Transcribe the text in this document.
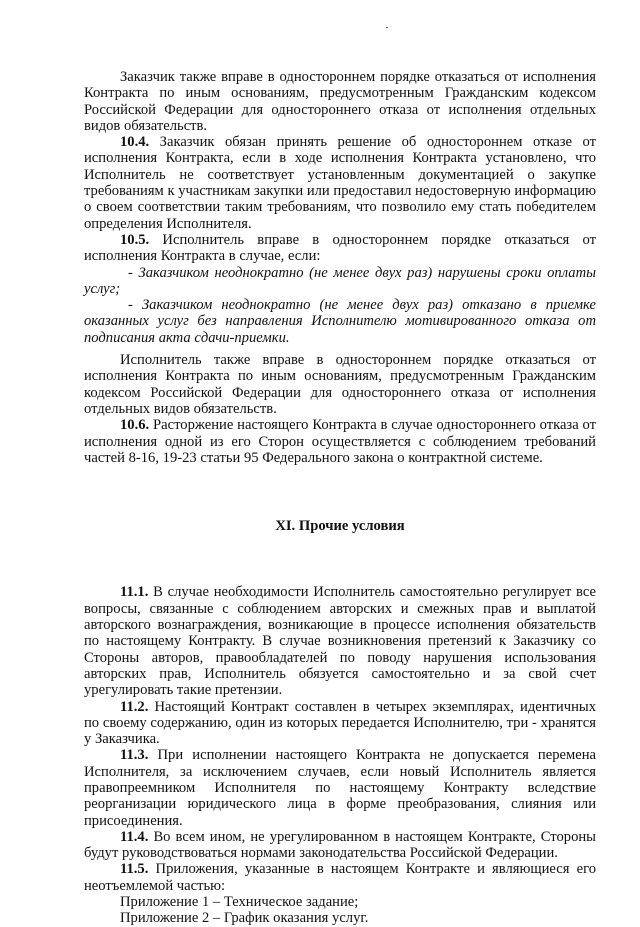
Заказчик также вправе в одностороннем порядке отказаться от исполнения Контракта по иным основаниям, предусмотренным Гражданским кодексом Российской Федерации для одностороннего отказа от исполнения отдельных видов обязательств.

10.4. Заказчик обязан принять решение об одностороннем отказе от исполнения Контракта, если в ходе исполнения Контракта установлено, что Исполнитель не соответствует установленным документацией о закупке требованиям к участникам закупки или предоставил недостоверную информацию о своем соответствии таким требованиям, что позволило ему стать победителем определения Исполнителя.

10.5. Исполнитель вправе в одностороннем порядке отказаться от исполнения Контракта в случае, если:

- Заказчиком неоднократно (не менее двух раз) нарушены сроки оплаты услуг;

- Заказчиком неоднократно (не менее двух раз) отказано в приемке оказанных услуг без направления Исполнителю мотивированного отказа от подписания акта сдачи-приемки.

Исполнитель также вправе в одностороннем порядке отказаться от исполнения Контракта по иным основаниям, предусмотренным Гражданским кодексом Российской Федерации для одностороннего отказа от исполнения отдельных видов обязательств.

10.6. Расторжение настоящего Контракта в случае одностороннего отказа от исполнения одной из его Сторон осуществляется с соблюдением требований частей 8-16, 19-23 статьи 95 Федерального закона о контрактной системе.

XI. Прочие условия

11.1. В случае необходимости Исполнитель самостоятельно регулирует все вопросы, связанные с соблюдением авторских и смежных прав и выплатой авторского вознаграждения, возникающие в процессе исполнения обязательств по настоящему Контракту. В случае возникновения претензий к Заказчику со Стороны авторов, правообладателей по поводу нарушения использования авторских прав, Исполнитель обязуется самостоятельно и за свой счет урегулировать такие претензии.

11.2. Настоящий Контракт составлен в четырех экземплярах, идентичных по своему содержанию, один из которых передается Исполнителю, три - хранятся у Заказчика.

11.3. При исполнении настоящего Контракта не допускается перемена Исполнителя, за исключением случаев, если новый Исполнитель является правопреемником Исполнителя по настоящему Контракту вследствие реорганизации юридического лица в форме преобразования, слияния или присоединения.

11.4. Во всем ином, не урегулированном в настоящем Контракте, Стороны будут руководствоваться нормами законодательства Российской Федерации.

11.5. Приложения, указанные в настоящем Контракте и являющиеся его неотъемлемой частью:

Приложение 1 – Техническое задание;

Приложение 2 – График оказания услуг.
